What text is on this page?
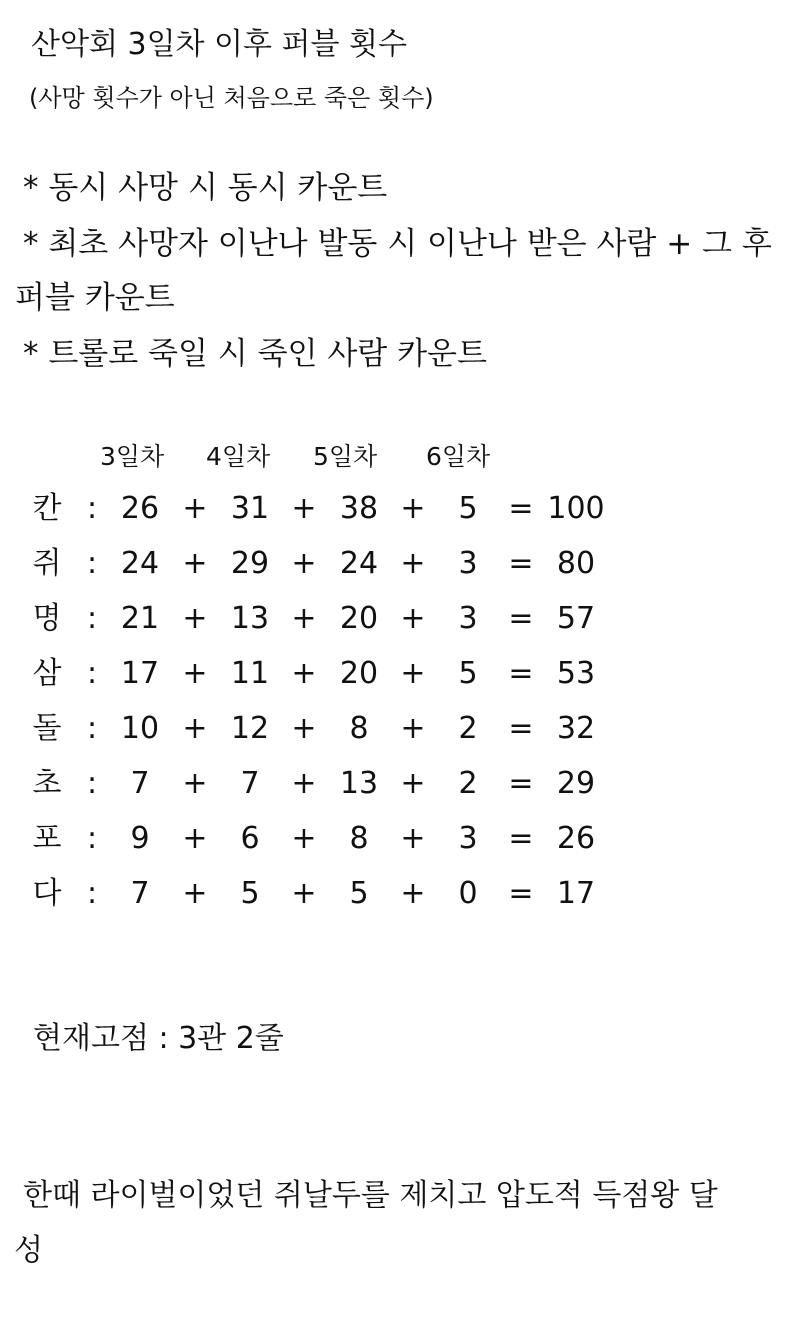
산악회 3일차 이후 퍼블 횟수
(사망 횟수가 아닌 처음으로 죽은 횟수)
* 동시 사망 시 동시 카운트
* 최초 사망자 이난나 발동 시 이난나 받은 사람 + 그 후
퍼블 카운트
* 트롤로 죽일 시 죽인 사람 카운트
3일차 4일차 5일차 6일차
칸 : 26 + 31 + 38 +	5	= 100
쥐 : 24 + 29 + 24 +	3	= 80
명 : 21 + 13 + 20 +	3	= 57
삼 : 17 + 11 + 20 +	5	= 53
돌 : 10 + 12 +	8	+	2	= 32
초 :	7	+	7	+ 13 +	2	= 29
포 :	9	+	6	+	8	+	3	= 26
다 :	7	+	5	+	5	+	0	= 17
현재고점 : 3관 2줄
한때 라이벌이었던 쥐날두를 제치고 압도적 득점왕 달
성
